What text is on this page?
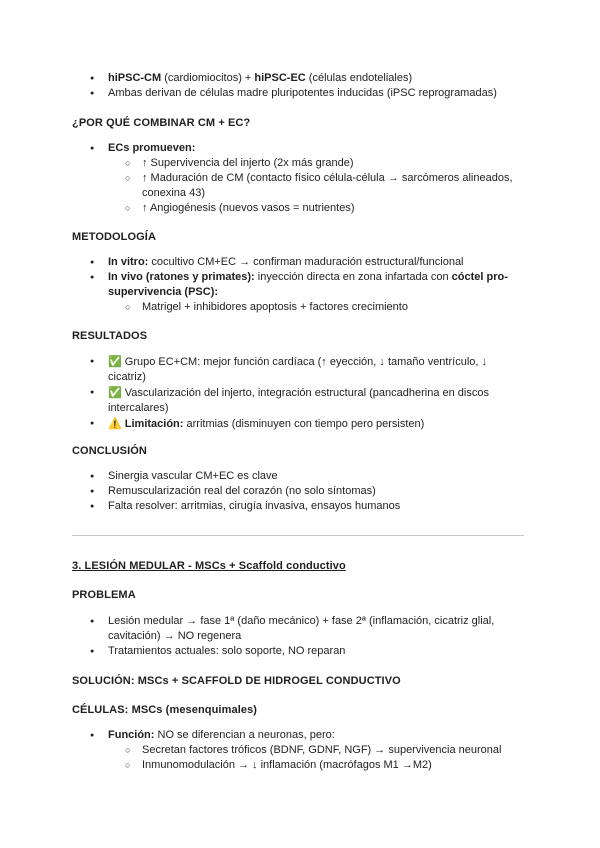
● hiPSC-CM (cardiomiocitos) + hiPSC-EC (células endoteliales)
● Ambas derivan de células madre pluripotentes inducidas (iPSC reprogramadas)
¿POR QUÉ COMBINAR CM + EC?
● ECs promueven:
○ ↑ Supervivencia del injerto (2x más grande)
○ ↑ Maduración de CM (contacto físico célula-célula → sarcómeros alineados, conexina 43)
○ ↑ Angiogénesis (nuevos vasos = nutrientes)
METODOLOGÍA
● In vitro: cocultivo CM+EC → confirman maduración estructural/funcional
● In vivo (ratones y primates): inyección directa en zona infartada con cóctel pro-supervivencia (PSC):
○ Matrigel + inhibidores apoptosis + factores crecimiento
RESULTADOS
● ✅ Grupo EC+CM: mejor función cardíaca (↑ eyección, ↓ tamaño ventrículo, ↓ cicatriz)
● ✅ Vascularización del injerto, integración estructural (pancadherina en discos intercalares)
● ⚠️ Limitación: arritmias (disminuyen con tiempo pero persisten)
CONCLUSIÓN
● Sinergia vascular CM+EC es clave
● Remuscularización real del corazón (no solo síntomas)
● Falta resolver: arritmias, cirugía invasiva, ensayos humanos
3. LESIÓN MEDULAR - MSCs + Scaffold conductivo
PROBLEMA
● Lesión medular → fase 1ª (daño mecánico) + fase 2ª (inflamación, cicatriz glial, cavitación) → NO regenera
● Tratamientos actuales: solo soporte, NO reparan
SOLUCIÓN: MSCs + SCAFFOLD DE HIDROGEL CONDUCTIVO
CÉLULAS: MSCs (mesenquimales)
● Función: NO se diferencian a neuronas, pero:
○ Secretan factores tróficos (BDNF, GDNF, NGF) → supervivencia neuronal
○ Inmunomodulación → ↓ inflamación (macrófagos M1 →M2)
